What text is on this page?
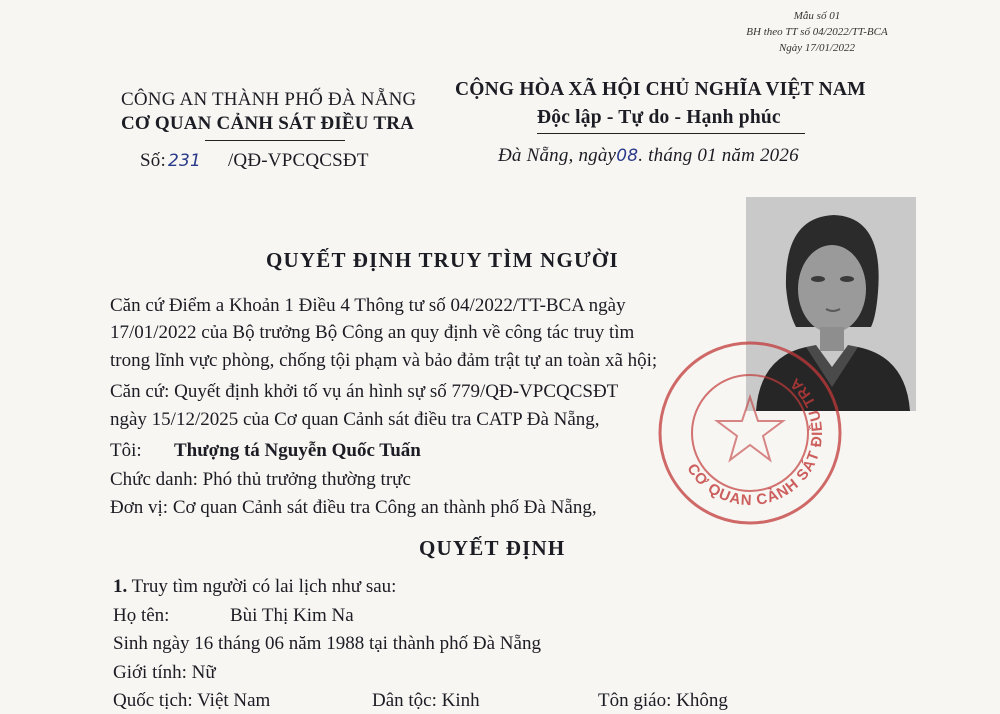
Mẫu số 01
BH theo TT số 04/2022/TT-BCA
Ngày 17/01/2022
CÔNG AN THÀNH PHỐ ĐÀ NẴNG
CƠ QUAN CẢNH SÁT ĐIỀU TRA
Số: 231 /QĐ-VPCQCSĐT
CỘNG HÒA XÃ HỘI CHỦ NGHĨA VIỆT NAM
Độc lập - Tự do - Hạnh phúc
Đà Nẵng, ngày08. tháng 01 năm 2026
CƠ QUAN CẢNH SÁT ĐIỀU TRA
QUYẾT ĐỊNH TRUY TÌM NGƯỜI
Căn cứ Điểm a Khoản 1 Điều 4 Thông tư số 04/2022/TT-BCA ngày
17/01/2022 của Bộ trưởng Bộ Công an quy định về công tác truy tìm
trong lĩnh vực phòng, chống tội phạm và bảo đảm trật tự an toàn xã hội;
Căn cứ: Quyết định khởi tố vụ án hình sự số 779/QĐ-VPCQCSĐT
ngày 15/12/2025 của Cơ quan Cảnh sát điều tra CATP Đà Nẵng,
Tôi: Thượng tá Nguyễn Quốc Tuấn
Chức danh: Phó thủ trưởng thường trực
Đơn vị: Cơ quan Cảnh sát điều tra Công an thành phố Đà Nẵng,
QUYẾT ĐỊNH
1. Truy tìm người có lai lịch như sau:
Họ tên:	Bùi Thị Kim Na
Sinh ngày 16 tháng 06 năm 1988 tại thành phố Đà Nẵng
Giới tính: Nữ
Quốc tịch: Việt Nam	Dân tộc: Kinh	Tôn giáo: Không
